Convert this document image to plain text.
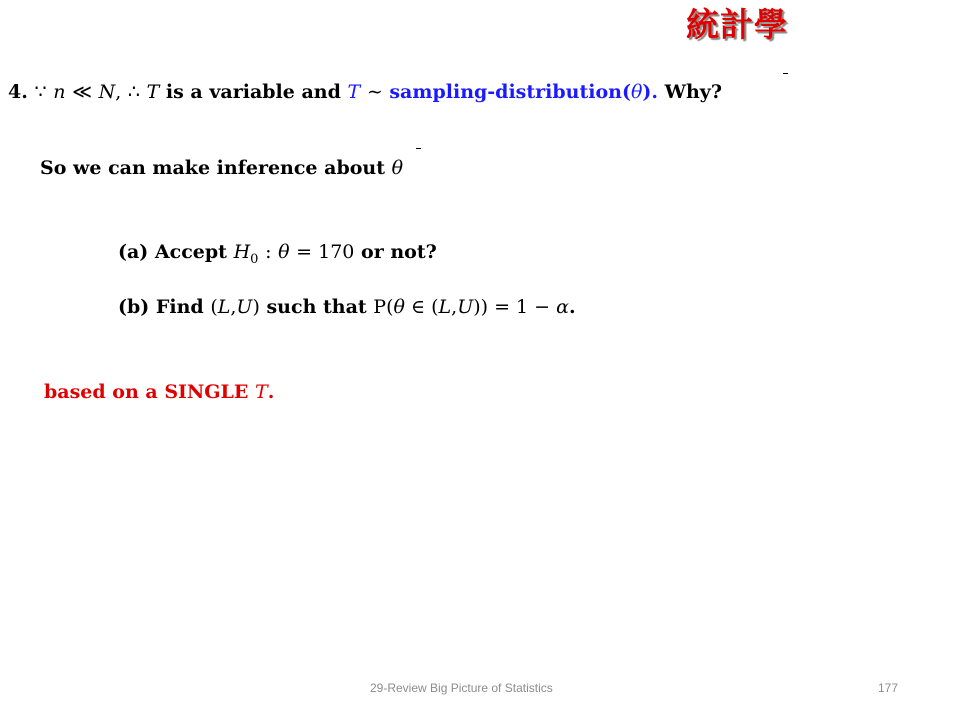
統計學
4. ∵ n ≪ N, ∴ T is a variable and T ∼ sampling-distribution(θ). Why?
So we can make inference about θ
(a) Accept $H_0$ : θ = 170 or not?
(b) Find (L,U) such that P(θ ∈ (L,U)) = 1 − α.
based on a SINGLE T.
29-Review Big Picture of Statistics	177
